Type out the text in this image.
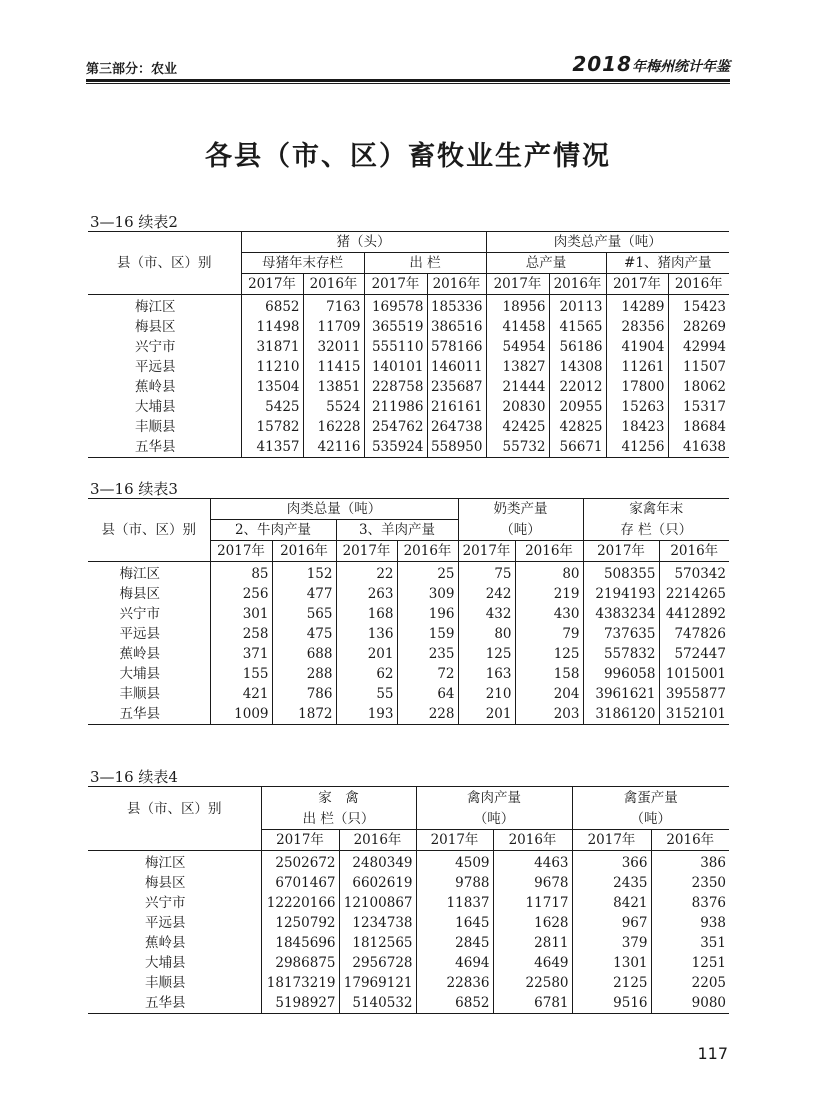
第三部分：农业	2018年梅州统计年鉴
各县（市、区）畜牧业生产情况
3—16 续表2
县（市、区）别	猪（头）				肉类总产量（吨）			
	母猪年末存栏		出 栏		总产量		#1、猪肉产量	
	2017年	2016年	2017年	2016年	2017年	2016年	2017年	2016年
梅江区	6852	7163	169578	185336	18956	20113	14289	15423
梅县区	11498	11709	365519	386516	41458	41565	28356	28269
兴宁市	31871	32011	555110	578166	54954	56186	41904	42994
平远县	11210	11415	140101	146011	13827	14308	11261	11507
蕉岭县	13504	13851	228758	235687	21444	22012	17800	18062
大埔县	5425	5524	211986	216161	20830	20955	15263	15317
丰顺县	15782	16228	254762	264738	42425	42825	18423	18684
五华县	41357	42116	535924	558950	55732	56671	41256	41638
3—16 续表3
县（市、区）别	肉类总量（吨）				奶类产量		家禽年末	
	2、牛肉产量		3、羊肉产量		（吨）		存 栏（只）	
	2017年	2016年	2017年	2016年	2017年	2016年	2017年	2016年
梅江区	85	152	22	25	75	80	508355	570342
梅县区	256	477	263	309	242	219	2194193	2214265
兴宁市	301	565	168	196	432	430	4383234	4412892
平远县	258	475	136	159	80	79	737635	747826
蕉岭县	371	688	201	235	125	125	557832	572447
大埔县	155	288	62	72	163	158	996058	1015001
丰顺县	421	786	55	64	210	204	3961621	3955877
五华县	1009	1872	193	228	201	203	3186120	3152101
3—16 续表4
	家　禽		禽肉产量		禽蛋产量	
县（市、区）别	出 栏（只）		（吨）		（吨）	
	2017年	2016年	2017年	2016年	2017年	2016年
梅江区	2502672	2480349	4509	4463	366	386
梅县区	6701467	6602619	9788	9678	2435	2350
兴宁市	12220166	12100867	11837	11717	8421	8376
平远县	1250792	1234738	1645	1628	967	938
蕉岭县	1845696	1812565	2845	2811	379	351
大埔县	2986875	2956728	4694	4649	1301	1251
丰顺县	18173219	17969121	22836	22580	2125	2205
五华县	5198927	5140532	6852	6781	9516	9080
117
